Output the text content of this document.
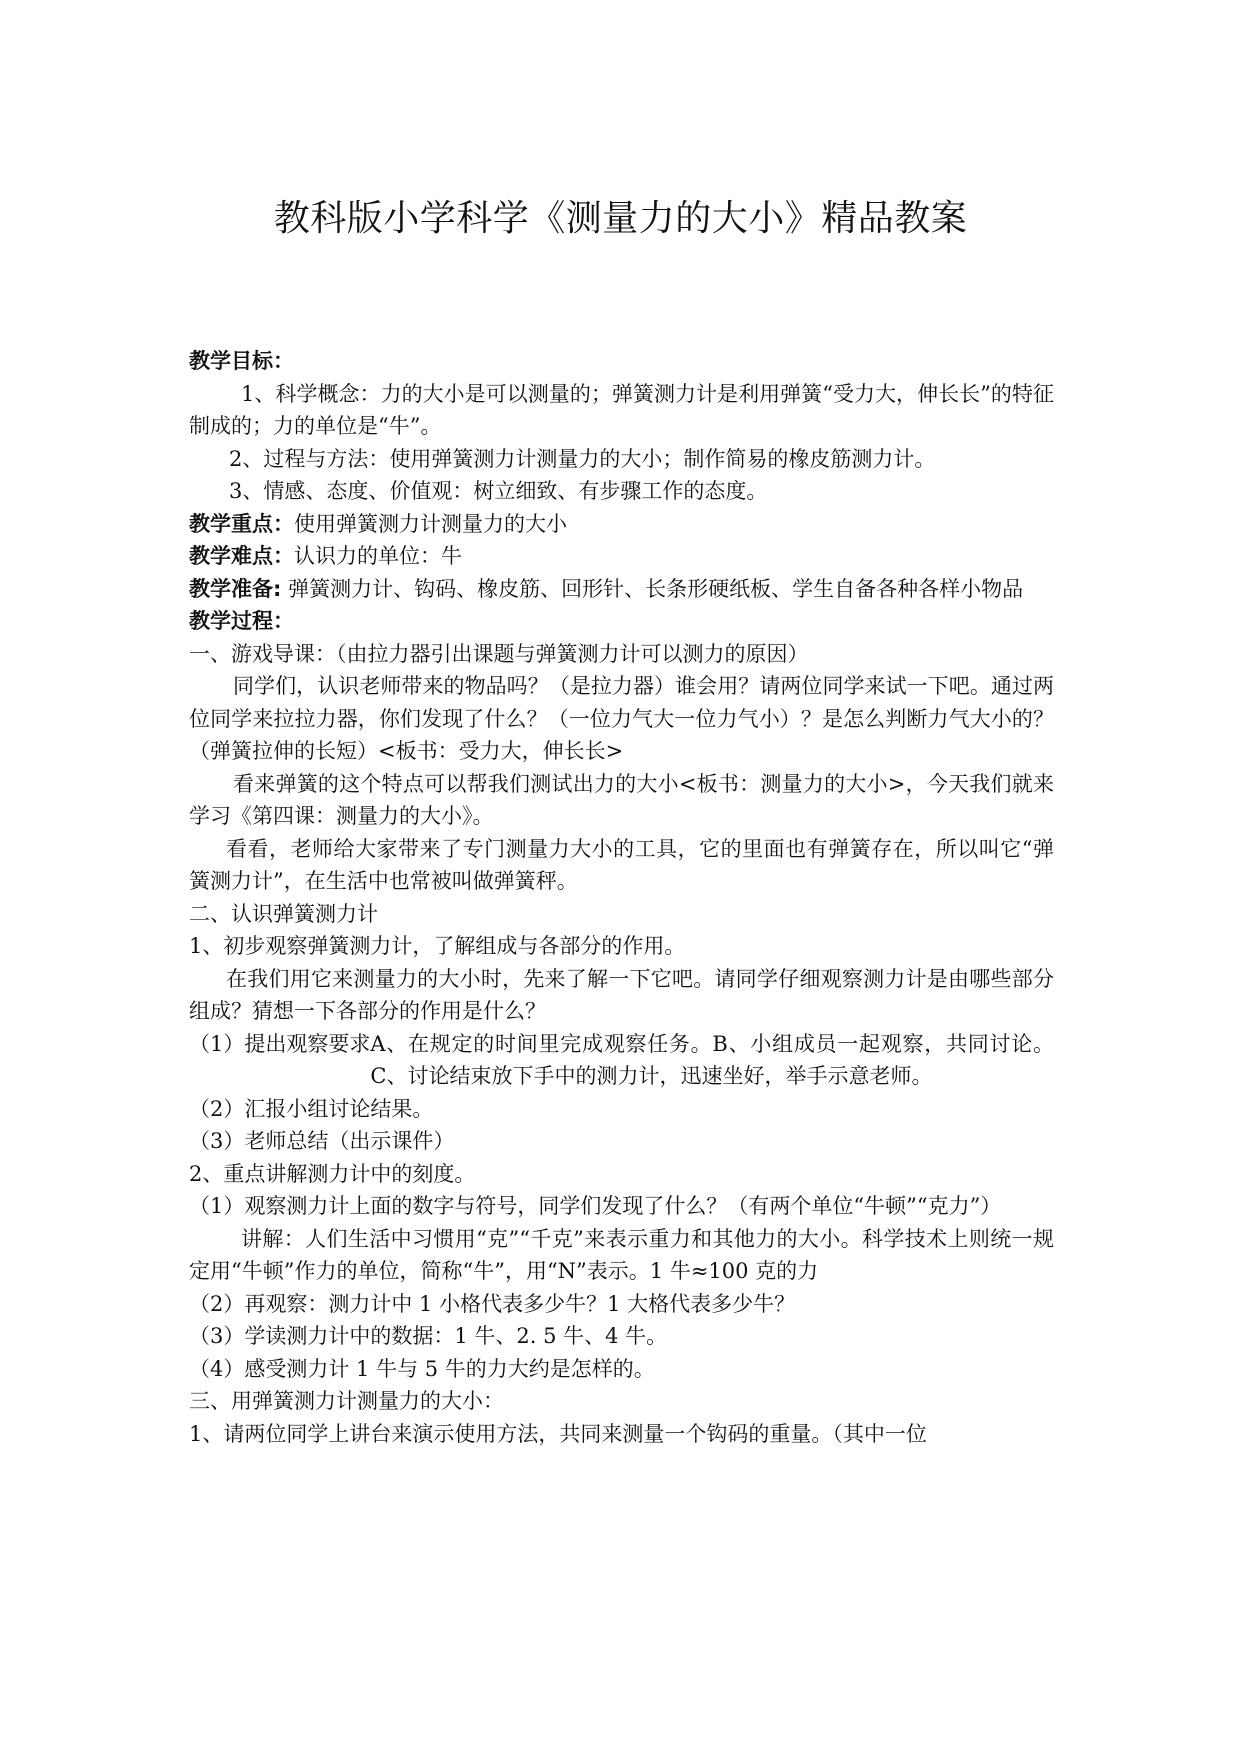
教科版小学科学《测量力的大小》精品教案

教学目标：

1、科学概念：力的大小是可以测量的；弹簧测力计是利用弹簧“受力大，伸长长”的特征制成的；力的单位是“牛”。

2、过程与方法：使用弹簧测力计测量力的大小；制作简易的橡皮筋测力计。

3、情感、态度、价值观：树立细致、有步骤工作的态度。

教学重点：使用弹簧测力计测量力的大小

教学难点：认识力的单位：牛

教学准备: 弹簧测力计、钩码、橡皮筋、回形针、长条形硬纸板、学生自备各种各样小物品

教学过程：

一、游戏导课：（由拉力器引出课题与弹簧测力计可以测力的原因）

同学们，认识老师带来的物品吗？（是拉力器）谁会用？请两位同学来试一下吧。通过两位同学来拉拉力器，你们发现了什么？（一位力气大一位力气小）？是怎么判断力气大小的？（弹簧拉伸的长短）<板书：受力大，伸长长>

看来弹簧的这个特点可以帮我们测试出力的大小<板书：测量力的大小>，今天我们就来学习《第四课：测量力的大小》。

看看，老师给大家带来了专门测量力大小的工具，它的里面也有弹簧存在，所以叫它“弹簧测力计”，在生活中也常被叫做弹簧秤。

二、认识弹簧测力计

1、初步观察弹簧测力计，了解组成与各部分的作用。

在我们用它来测量力的大小时，先来了解一下它吧。请同学仔细观察测力计是由哪些部分组成？猜想一下各部分的作用是什么？

（1）提出观察要求 A、在规定的时间里完成观察任务。B、小组成员一起观察，共同讨论。C、讨论结束放下手中的测力计，迅速坐好，举手示意老师。

（2）汇报小组讨论结果。

（3）老师总结（出示课件）

2、重点讲解测力计中的刻度。

（1）观察测力计上面的数字与符号，同学们发现了什么？（有两个单位“牛顿”“克力”）

讲解：人们生活中习惯用“克”“千克”来表示重力和其他力的大小。科学技术上则统一规定用“牛顿”作力的单位，简称“牛”，用“N”表示。1 牛≈100 克的力

（2）再观察：测力计中 1 小格代表多少牛？1 大格代表多少牛？

（3）学读测力计中的数据：1 牛、2. 5 牛、4 牛。

（4）感受测力计 1 牛与 5 牛的力大约是怎样的。

三、用弹簧测力计测量力的大小：

1、请两位同学上讲台来演示使用方法，共同来测量一个钩码的重量。（其中一位
